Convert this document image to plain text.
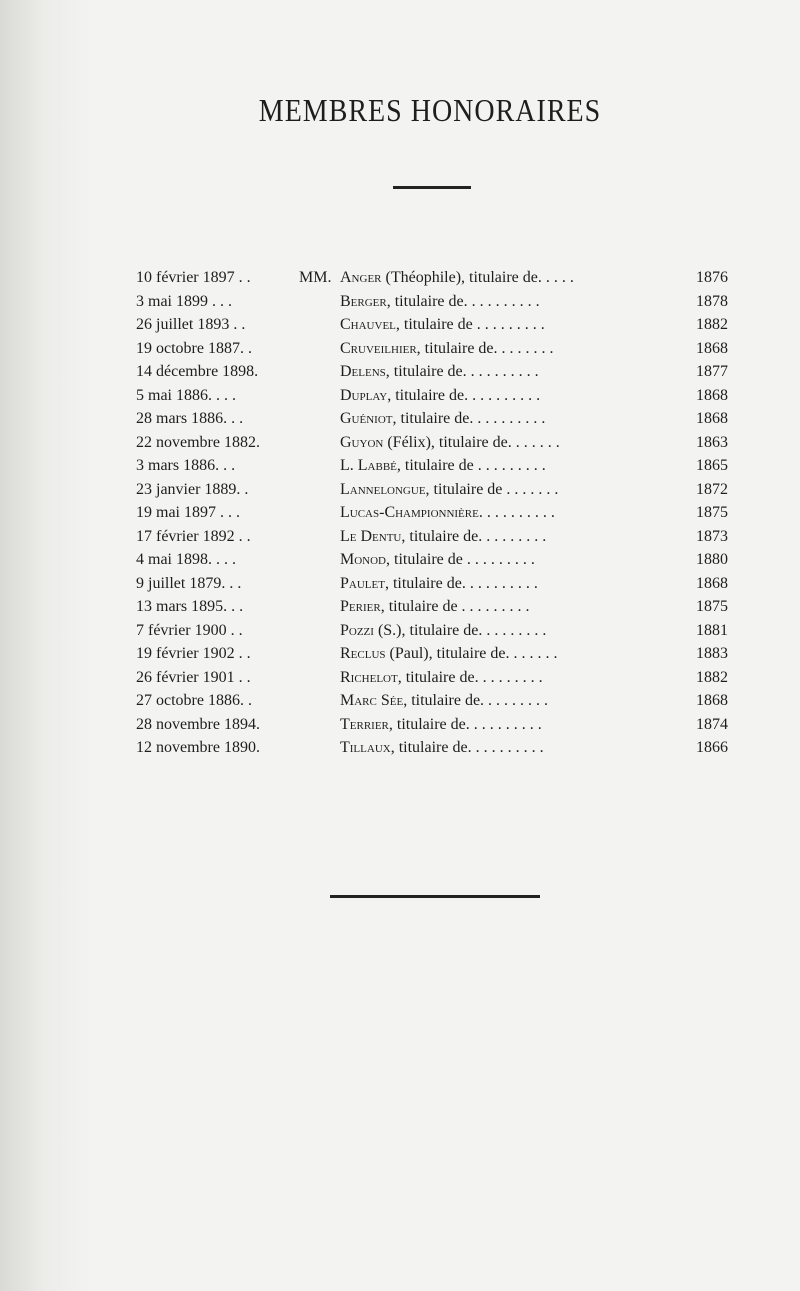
MEMBRES HONORAIRES
10 février 1897 . .	MM. Anger (Théophile), titulaire de. . . . .	1876
3 mai 1899 . . .	Berger, titulaire de. . . . . . . . . .	1878
26 juillet 1893 . .	Chauvel, titulaire de . . . . . . . . .	1882
19 octobre 1887. .	Cruveilhier, titulaire de. . . . . . . .	1868
14 décembre 1898.	Delens, titulaire de. . . . . . . . . .	1877
5 mai 1886. . . .	Duplay, titulaire de. . . . . . . . . .	1868
28 mars 1886. . .	Guéniot, titulaire de. . . . . . . . . .	1868
22 novembre 1882.	Guyon (Félix), titulaire de. . . . . . .	1863
3 mars 1886. . .	L. Labbé, titulaire de . . . . . . . . .	1865
23 janvier 1889. .	Lannelongue, titulaire de . . . . . . .	1872
19 mai 1897 . . .	Lucas-Championnière. . . . . . . . . .	1875
17 février 1892 . .	Le Dentu, titulaire de. . . . . . . . .	1873
4 mai 1898. . . .	Monod, titulaire de . . . . . . . . .	1880
9 juillet 1879. . .	Paulet, titulaire de. . . . . . . . . .	1868
13 mars 1895. . .	Perier, titulaire de . . . . . . . . .	1875
7 février 1900 . .	Pozzi (S.), titulaire de. . . . . . . . .	1881
19 février 1902 . .	Reclus (Paul), titulaire de. . . . . . .	1883
26 février 1901 . .	Richelot, titulaire de. . . . . . . . .	1882
27 octobre 1886. .	Marc Sée, titulaire de. . . . . . . . .	1868
28 novembre 1894.	Terrier, titulaire de. . . . . . . . . .	1874
12 novembre 1890.	Tillaux, titulaire de. . . . . . . . . .	1866
